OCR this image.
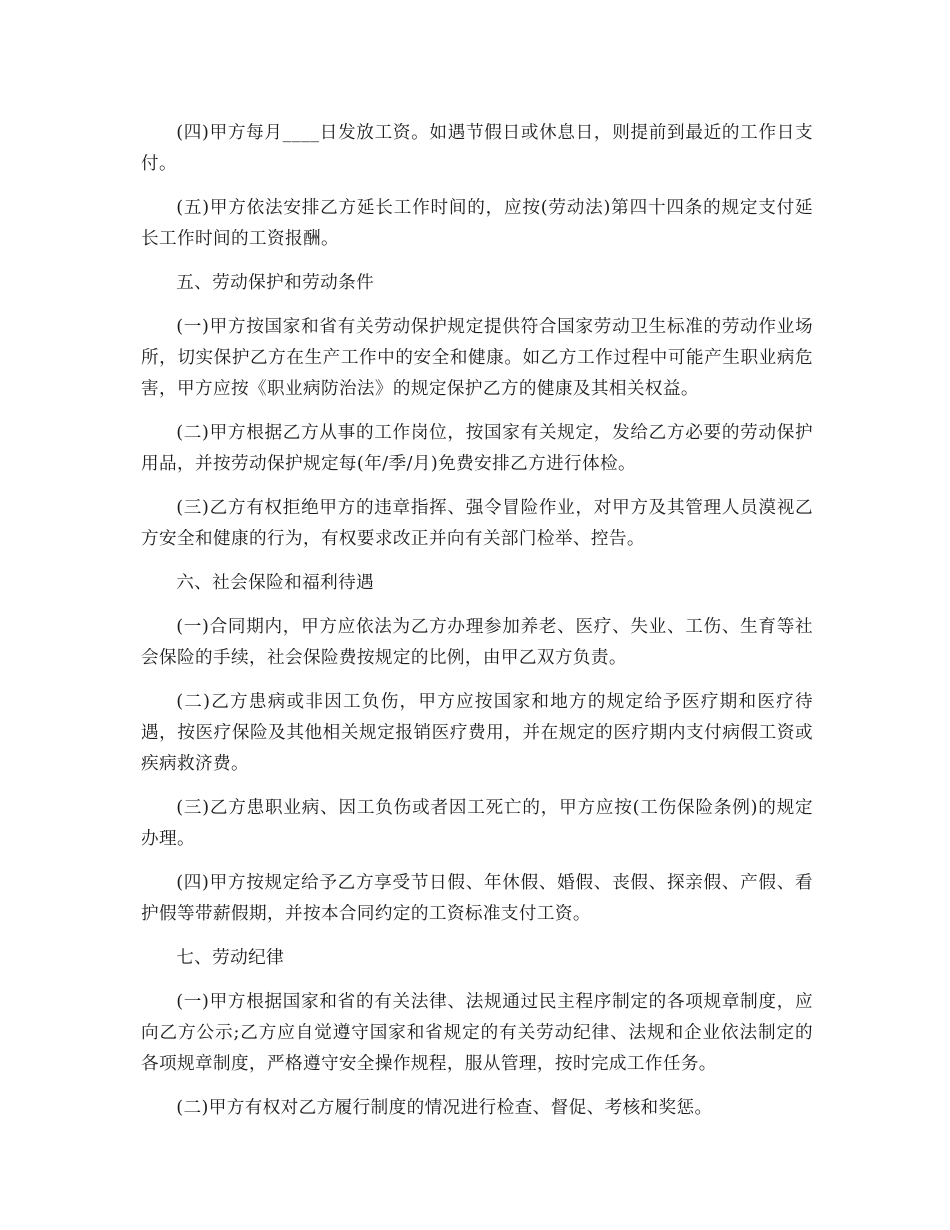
(四)甲方每月____日发放工资。如遇节假日或休息日，则提前到最近的工作日支付。

(五)甲方依法安排乙方延长工作时间的，应按(劳动法)第四十四条的规定支付延长工作时间的工资报酬。

五、劳动保护和劳动条件

(一)甲方按国家和省有关劳动保护规定提供符合国家劳动卫生标准的劳动作业场所，切实保护乙方在生产工作中的安全和健康。如乙方工作过程中可能产生职业病危害，甲方应按《职业病防治法》的规定保护乙方的健康及其相关权益。

(二)甲方根据乙方从事的工作岗位，按国家有关规定，发给乙方必要的劳动保护用品，并按劳动保护规定每(年/季/月)免费安排乙方进行体检。

(三)乙方有权拒绝甲方的违章指挥、强令冒险作业，对甲方及其管理人员漠视乙方安全和健康的行为，有权要求改正并向有关部门检举、控告。

六、社会保险和福利待遇

(一)合同期内，甲方应依法为乙方办理参加养老、医疗、失业、工伤、生育等社会保险的手续，社会保险费按规定的比例，由甲乙双方负责。

(二)乙方患病或非因工负伤，甲方应按国家和地方的规定给予医疗期和医疗待遇，按医疗保险及其他相关规定报销医疗费用，并在规定的医疗期内支付病假工资或疾病救济费。

(三)乙方患职业病、因工负伤或者因工死亡的，甲方应按(工伤保险条例)的规定办理。

(四)甲方按规定给予乙方享受节日假、年休假、婚假、丧假、探亲假、产假、看护假等带薪假期，并按本合同约定的工资标准支付工资。

七、劳动纪律

(一)甲方根据国家和省的有关法律、法规通过民主程序制定的各项规章制度，应向乙方公示;乙方应自觉遵守国家和省规定的有关劳动纪律、法规和企业依法制定的各项规章制度，严格遵守安全操作规程，服从管理，按时完成工作任务。

(二)甲方有权对乙方履行制度的情况进行检查、督促、考核和奖惩。
